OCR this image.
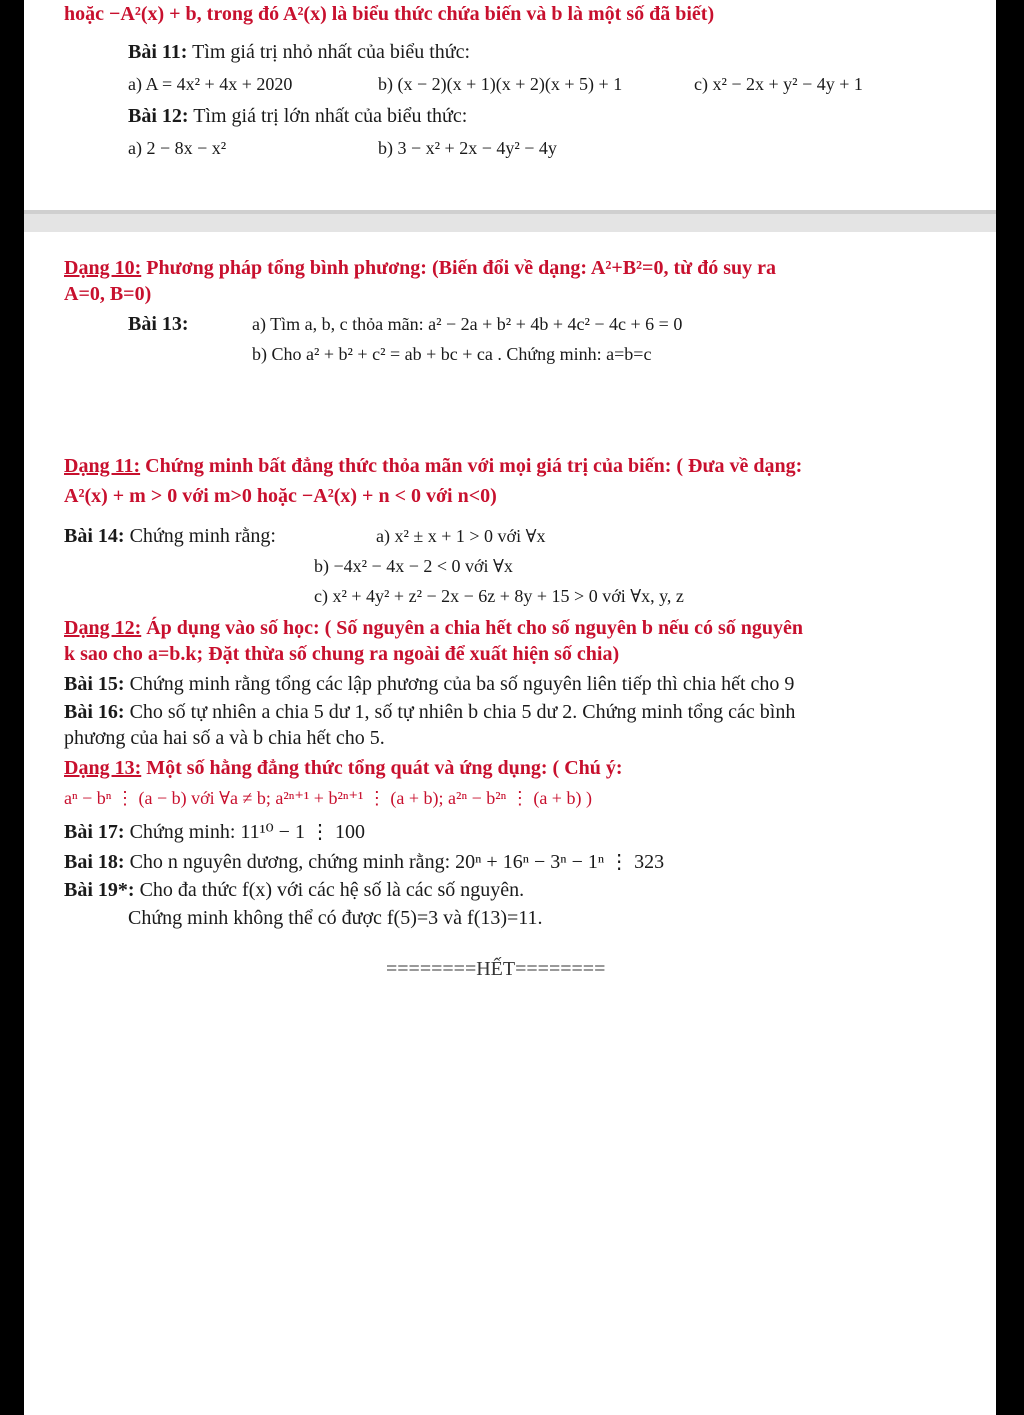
hoặc −A²(x) + b, trong đó A²(x) là biểu thức chứa biến và b là một số đã biết)
Bài 11: Tìm giá trị nhỏ nhất của biểu thức:
a) A = 4x² + 4x + 2020	b) (x − 2)(x + 1)(x + 2)(x + 5) + 1	c) x² − 2x + y² − 4y + 1
Bài 12: Tìm giá trị lớn nhất của biểu thức:
a) 2 − 8x − x²	b) 3 − x² + 2x − 4y² − 4y
Dạng 10: Phương pháp tổng bình phương: (Biến đổi về dạng: A²+B²=0, từ đó suy ra
A=0, B=0)
Bài 13:	a) Tìm a, b, c thỏa mãn: a² − 2a + b² + 4b + 4c² − 4c + 6 = 0
b) Cho a² + b² + c² = ab + bc + ca . Chứng minh: a=b=c
Dạng 11: Chứng minh bất đẳng thức thỏa mãn với mọi giá trị của biến: ( Đưa về dạng:
A²(x) + m > 0 với m>0 hoặc −A²(x) + n < 0 với n<0)
Bài 14: Chứng minh rằng:	a) x² ± x + 1 > 0 với ∀x
b) −4x² − 4x − 2 < 0 với ∀x
c) x² + 4y² + z² − 2x − 6z + 8y + 15 > 0 với ∀x, y, z
Dạng 12: Áp dụng vào số học: ( Số nguyên a chia hết cho số nguyên b nếu có số nguyên
k sao cho a=b.k; Đặt thừa số chung ra ngoài để xuất hiện số chia)
Bài 15: Chứng minh rằng tổng các lập phương của ba số nguyên liên tiếp thì chia hết cho 9
Bài 16: Cho số tự nhiên a chia 5 dư 1, số tự nhiên b chia 5 dư 2. Chứng minh tổng các bình
phương của hai số a và b chia hết cho 5.
Dạng 13: Một số hằng đẳng thức tổng quát và ứng dụng: ( Chú ý:
aⁿ − bⁿ ⋮ (a − b) với ∀a ≠ b; a²ⁿ⁺¹ + b²ⁿ⁺¹ ⋮ (a + b); a²ⁿ − b²ⁿ ⋮ (a + b) )
Bài 17: Chứng minh: 11¹⁰ − 1 ⋮ 100
Bai 18: Cho n nguyên dương, chứng minh rằng: 20ⁿ + 16ⁿ − 3ⁿ − 1ⁿ ⋮ 323
Bài 19*: Cho đa thức f(x) với các hệ số là các số nguyên.
Chứng minh không thể có được f(5)=3 và f(13)=11.
========HẾT========
